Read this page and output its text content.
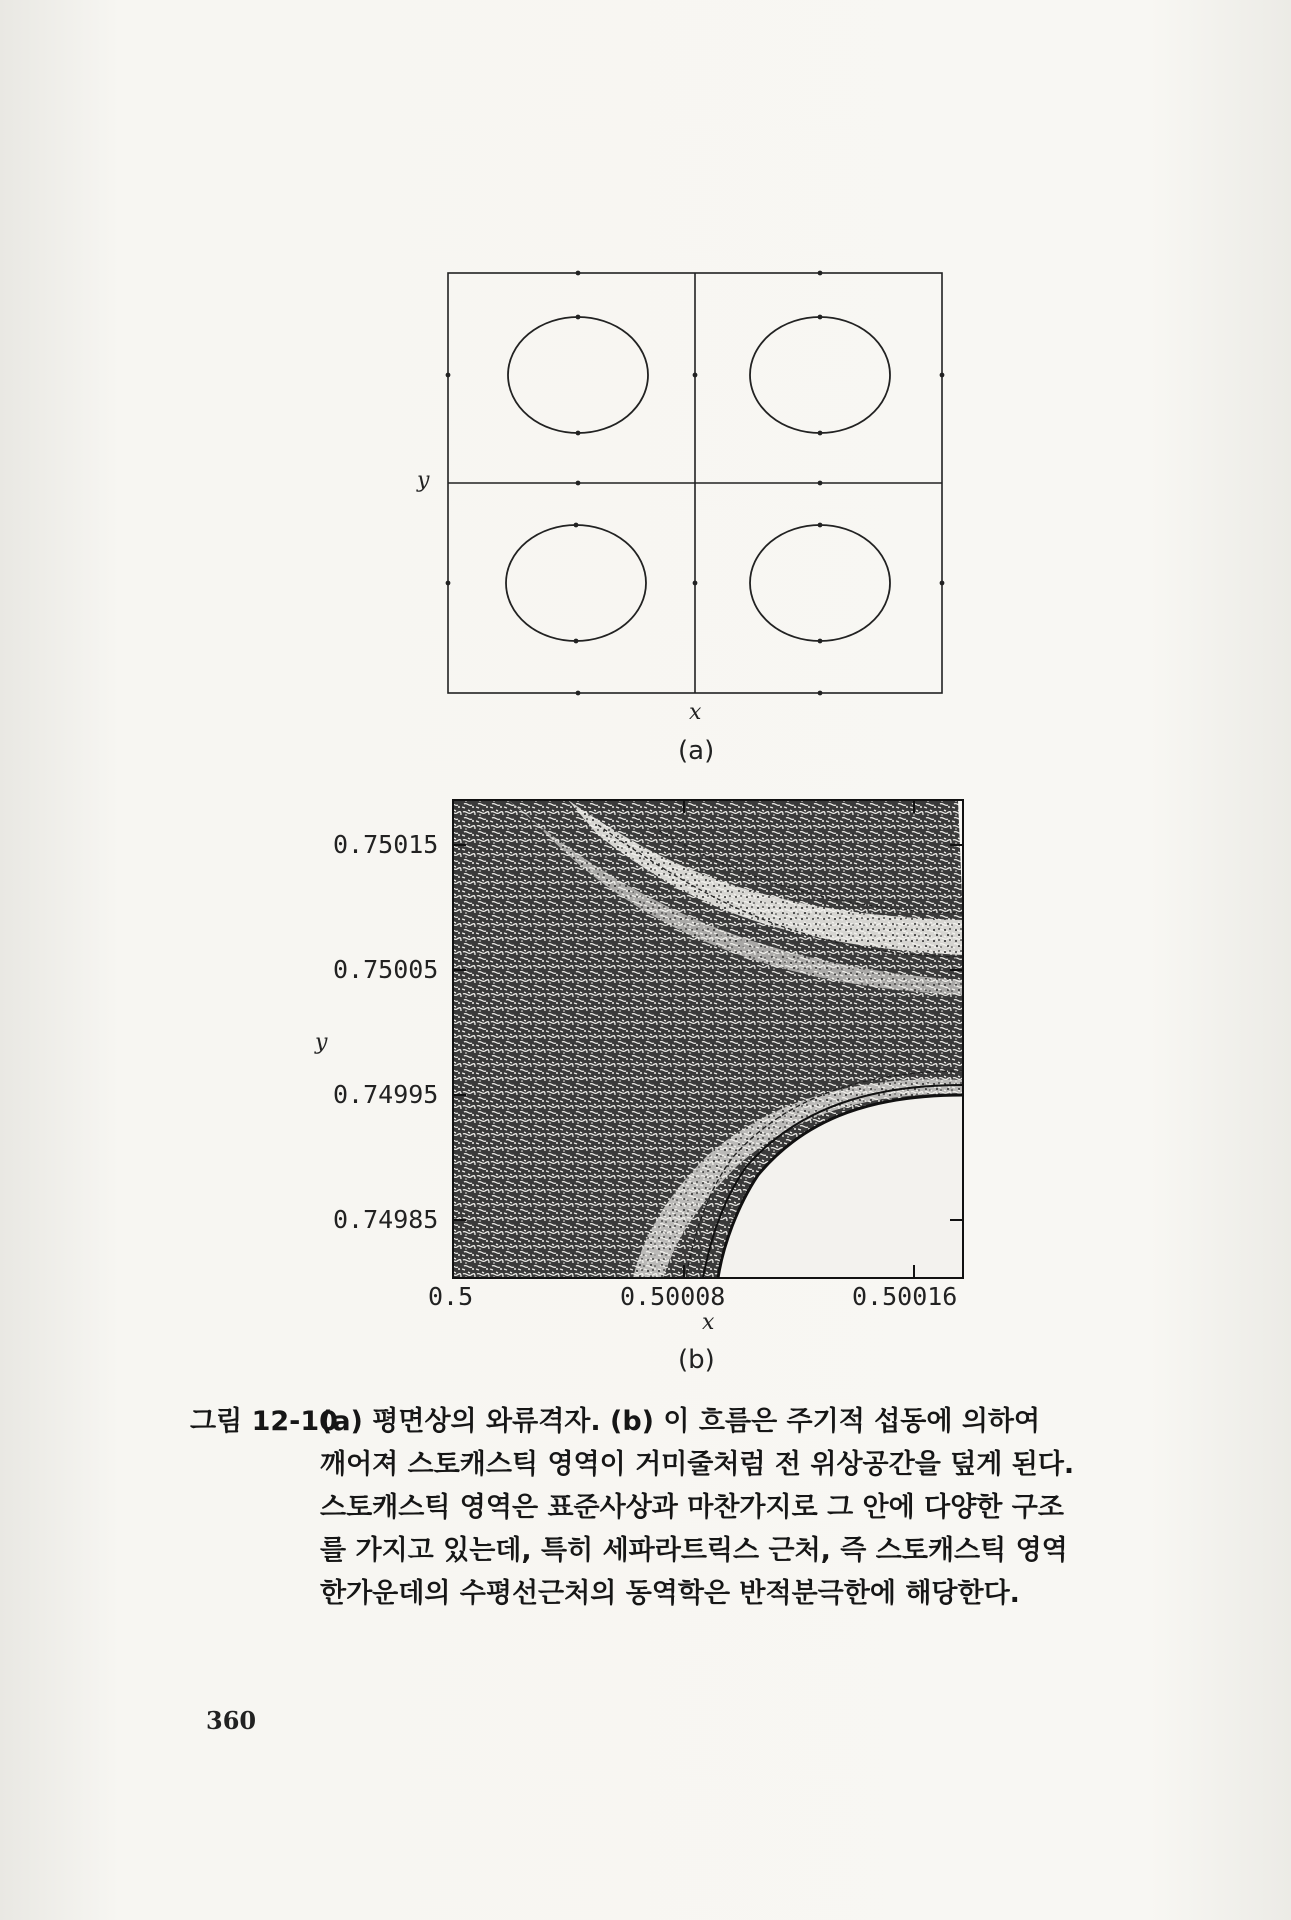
y
x
(a)
0.75015
0.75005
0.74995
0.74985
0.5	0.50008	0.50016
y
x
(b)
그림 12-10(a) 평면상의 와류격자. (b) 이 흐름은 주기적 섭동에 의하여
깨어져 스토캐스틱 영역이 거미줄처럼 전 위상공간을 덮게 된다.
스토캐스틱 영역은 표준사상과 마찬가지로 그 안에 다양한 구조
를 가지고 있는데, 특히 세파라트릭스 근처, 즉 스토캐스틱 영역
한가운데의 수평선근처의 동역학은 반적분극한에 해당한다.
360
